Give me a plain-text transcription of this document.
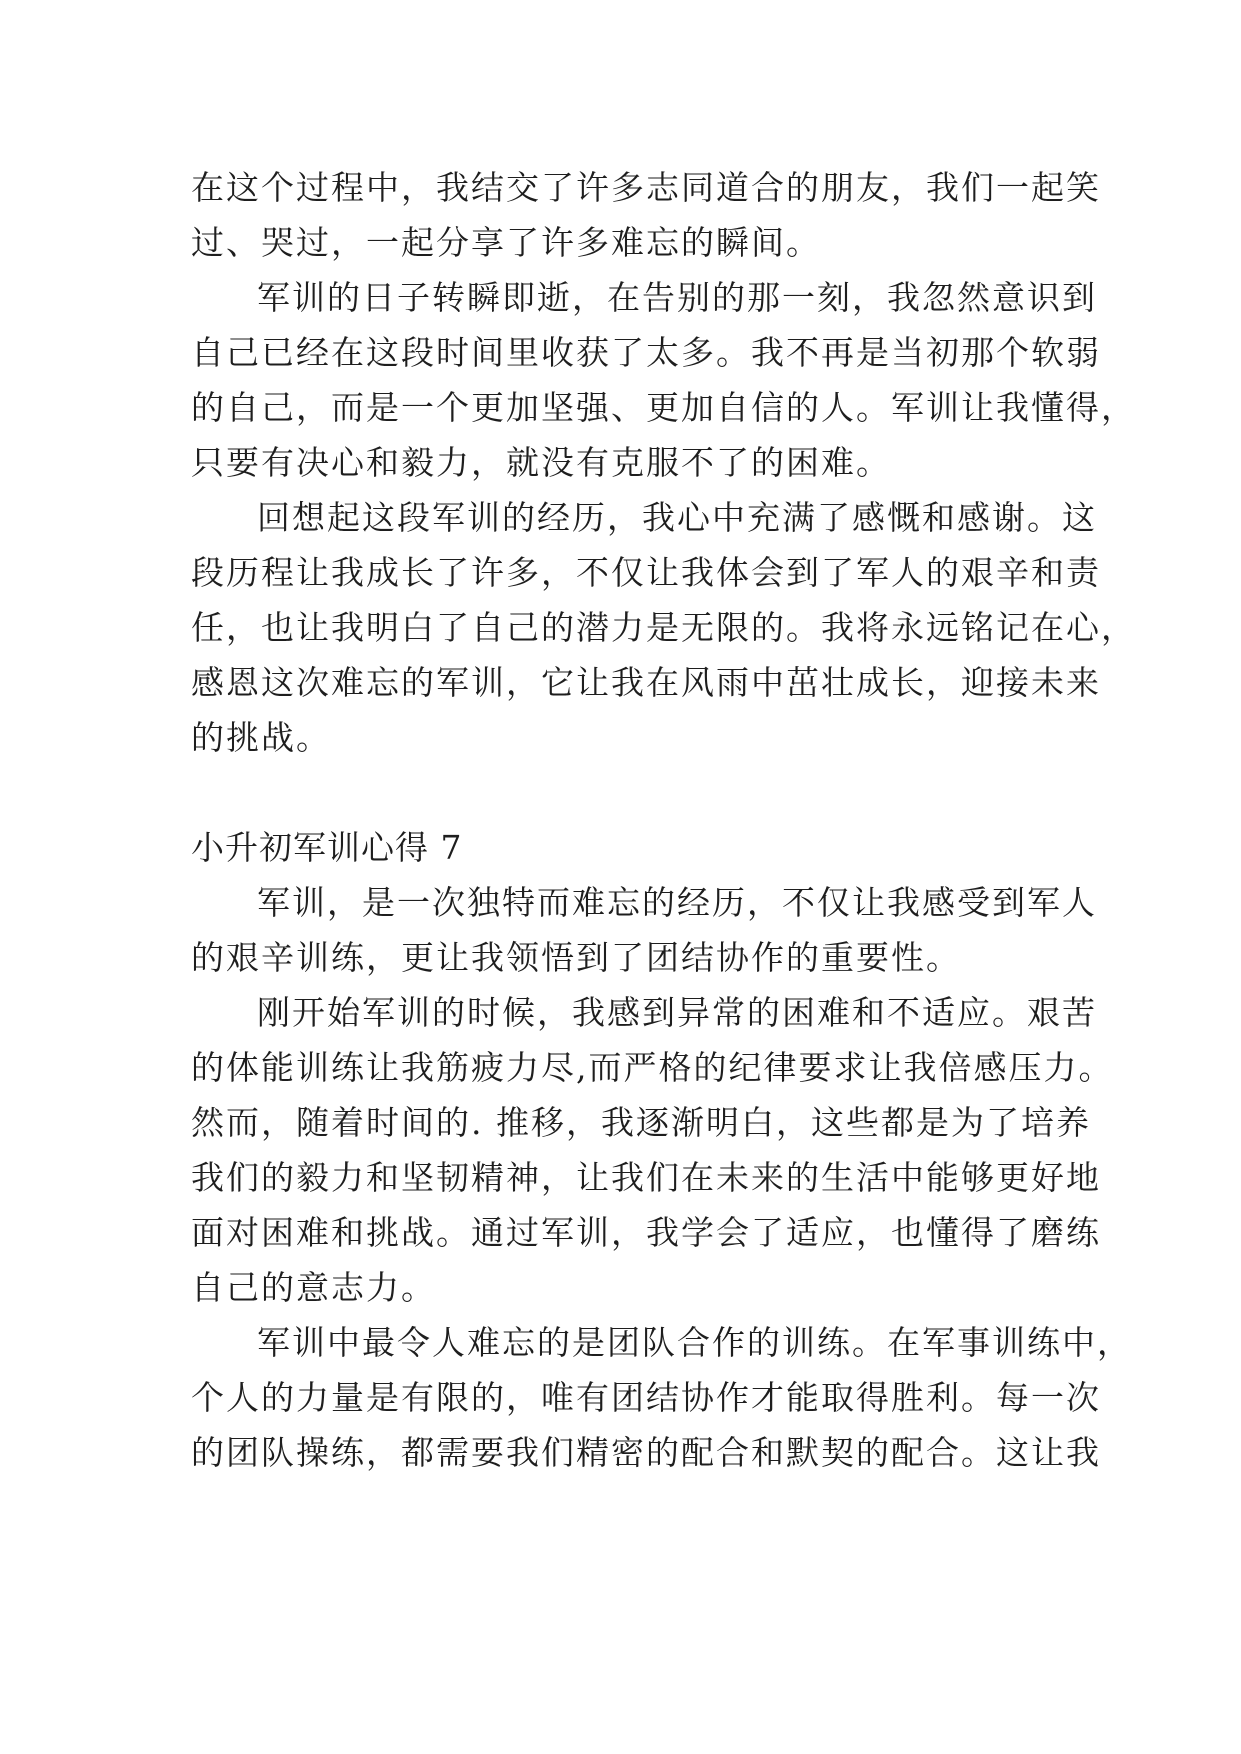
在这个过程中，我结交了许多志同道合的朋友，我们一起笑
过、哭过，一起分享了许多难忘的瞬间。
军训的日子转瞬即逝，在告别的那一刻，我忽然意识到
自己已经在这段时间里收获了太多。我不再是当初那个软弱
的自己，而是一个更加坚强、更加自信的人。军训让我懂得，
只要有决心和毅力，就没有克服不了的困难。
回想起这段军训的经历，我心中充满了感慨和感谢。这
段历程让我成长了许多，不仅让我体会到了军人的艰辛和责
任，也让我明白了自己的潜力是无限的。我将永远铭记在心，
感恩这次难忘的军训，它让我在风雨中茁壮成长，迎接未来
的挑战。
小升初军训心得 7
军训，是一次独特而难忘的经历，不仅让我感受到军人
的艰辛训练，更让我领悟到了团结协作的重要性。
刚开始军训的时候，我感到异常的困难和不适应。艰苦
的体能训练让我筋疲力尽,而严格的纪律要求让我倍感压力。
然而，随着时间的. 推移，我逐渐明白，这些都是为了培养
我们的毅力和坚韧精神，让我们在未来的生活中能够更好地
面对困难和挑战。通过军训，我学会了适应，也懂得了磨练
自己的意志力。
军训中最令人难忘的是团队合作的训练。在军事训练中，
个人的力量是有限的，唯有团结协作才能取得胜利。每一次
的团队操练，都需要我们精密的配合和默契的配合。这让我
